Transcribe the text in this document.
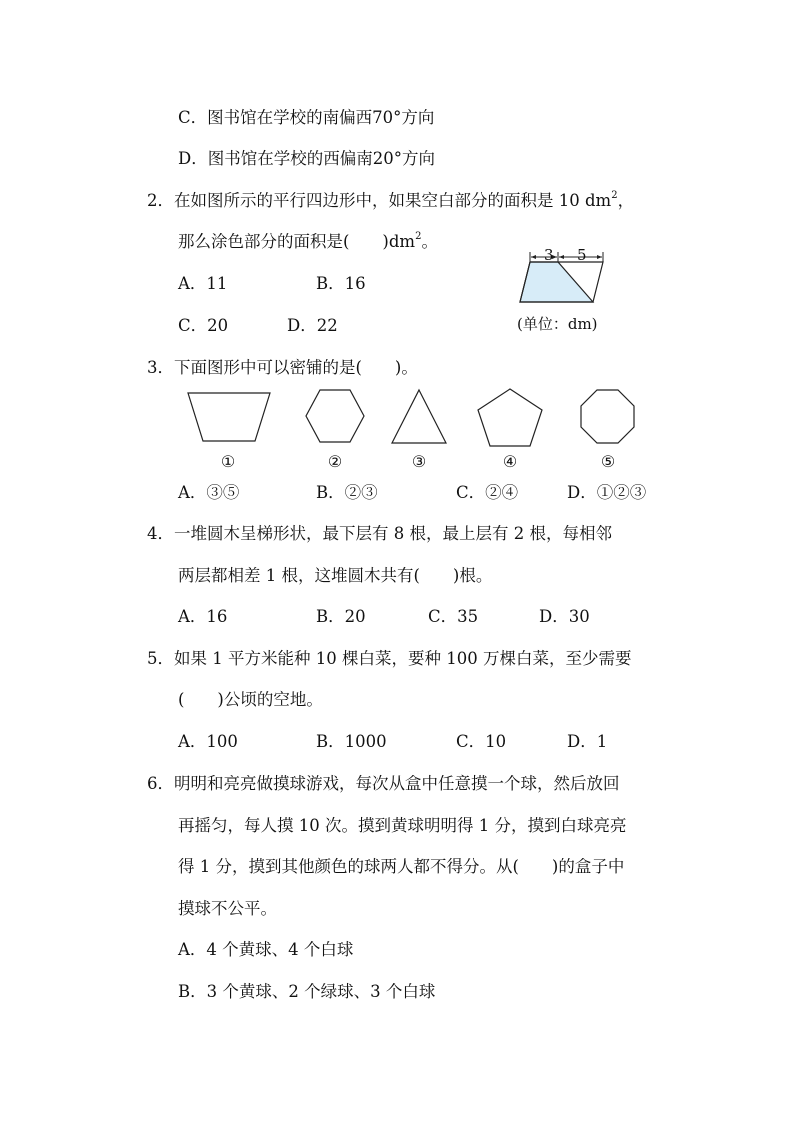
C．图书馆在学校的南偏西70°方向
D．图书馆在学校的西偏南20°方向
2．在如图所示的平行四边形中，如果空白部分的面积是 10 $dm^2$，
那么涂色部分的面积是(　　)$dm^2$。
A．11	B．16
C．20	D．22
3 5
(单位：dm)
3．下面图形中可以密铺的是(　　)。
①	②	③	④	⑤
A．③⑤	B．②③	C．②④	D．①②③
4．一堆圆木呈梯形状，最下层有 8 根，最上层有 2 根，每相邻
两层都相差 1 根，这堆圆木共有(　　)根。
A．16	B．20	C．35	D．30
5．如果 1 平方米能种 10 棵白菜，要种 100 万棵白菜，至少需要
(　　)公顷的空地。
A．100	B．1000	C．10	D．1
6．明明和亮亮做摸球游戏，每次从盒中任意摸一个球，然后放回
再摇匀，每人摸 10 次。摸到黄球明明得 1 分，摸到白球亮亮
得 1 分，摸到其他颜色的球两人都不得分。从(　　)的盒子中
摸球不公平。
A．4 个黄球、4 个白球
B．3 个黄球、2 个绿球、3 个白球
